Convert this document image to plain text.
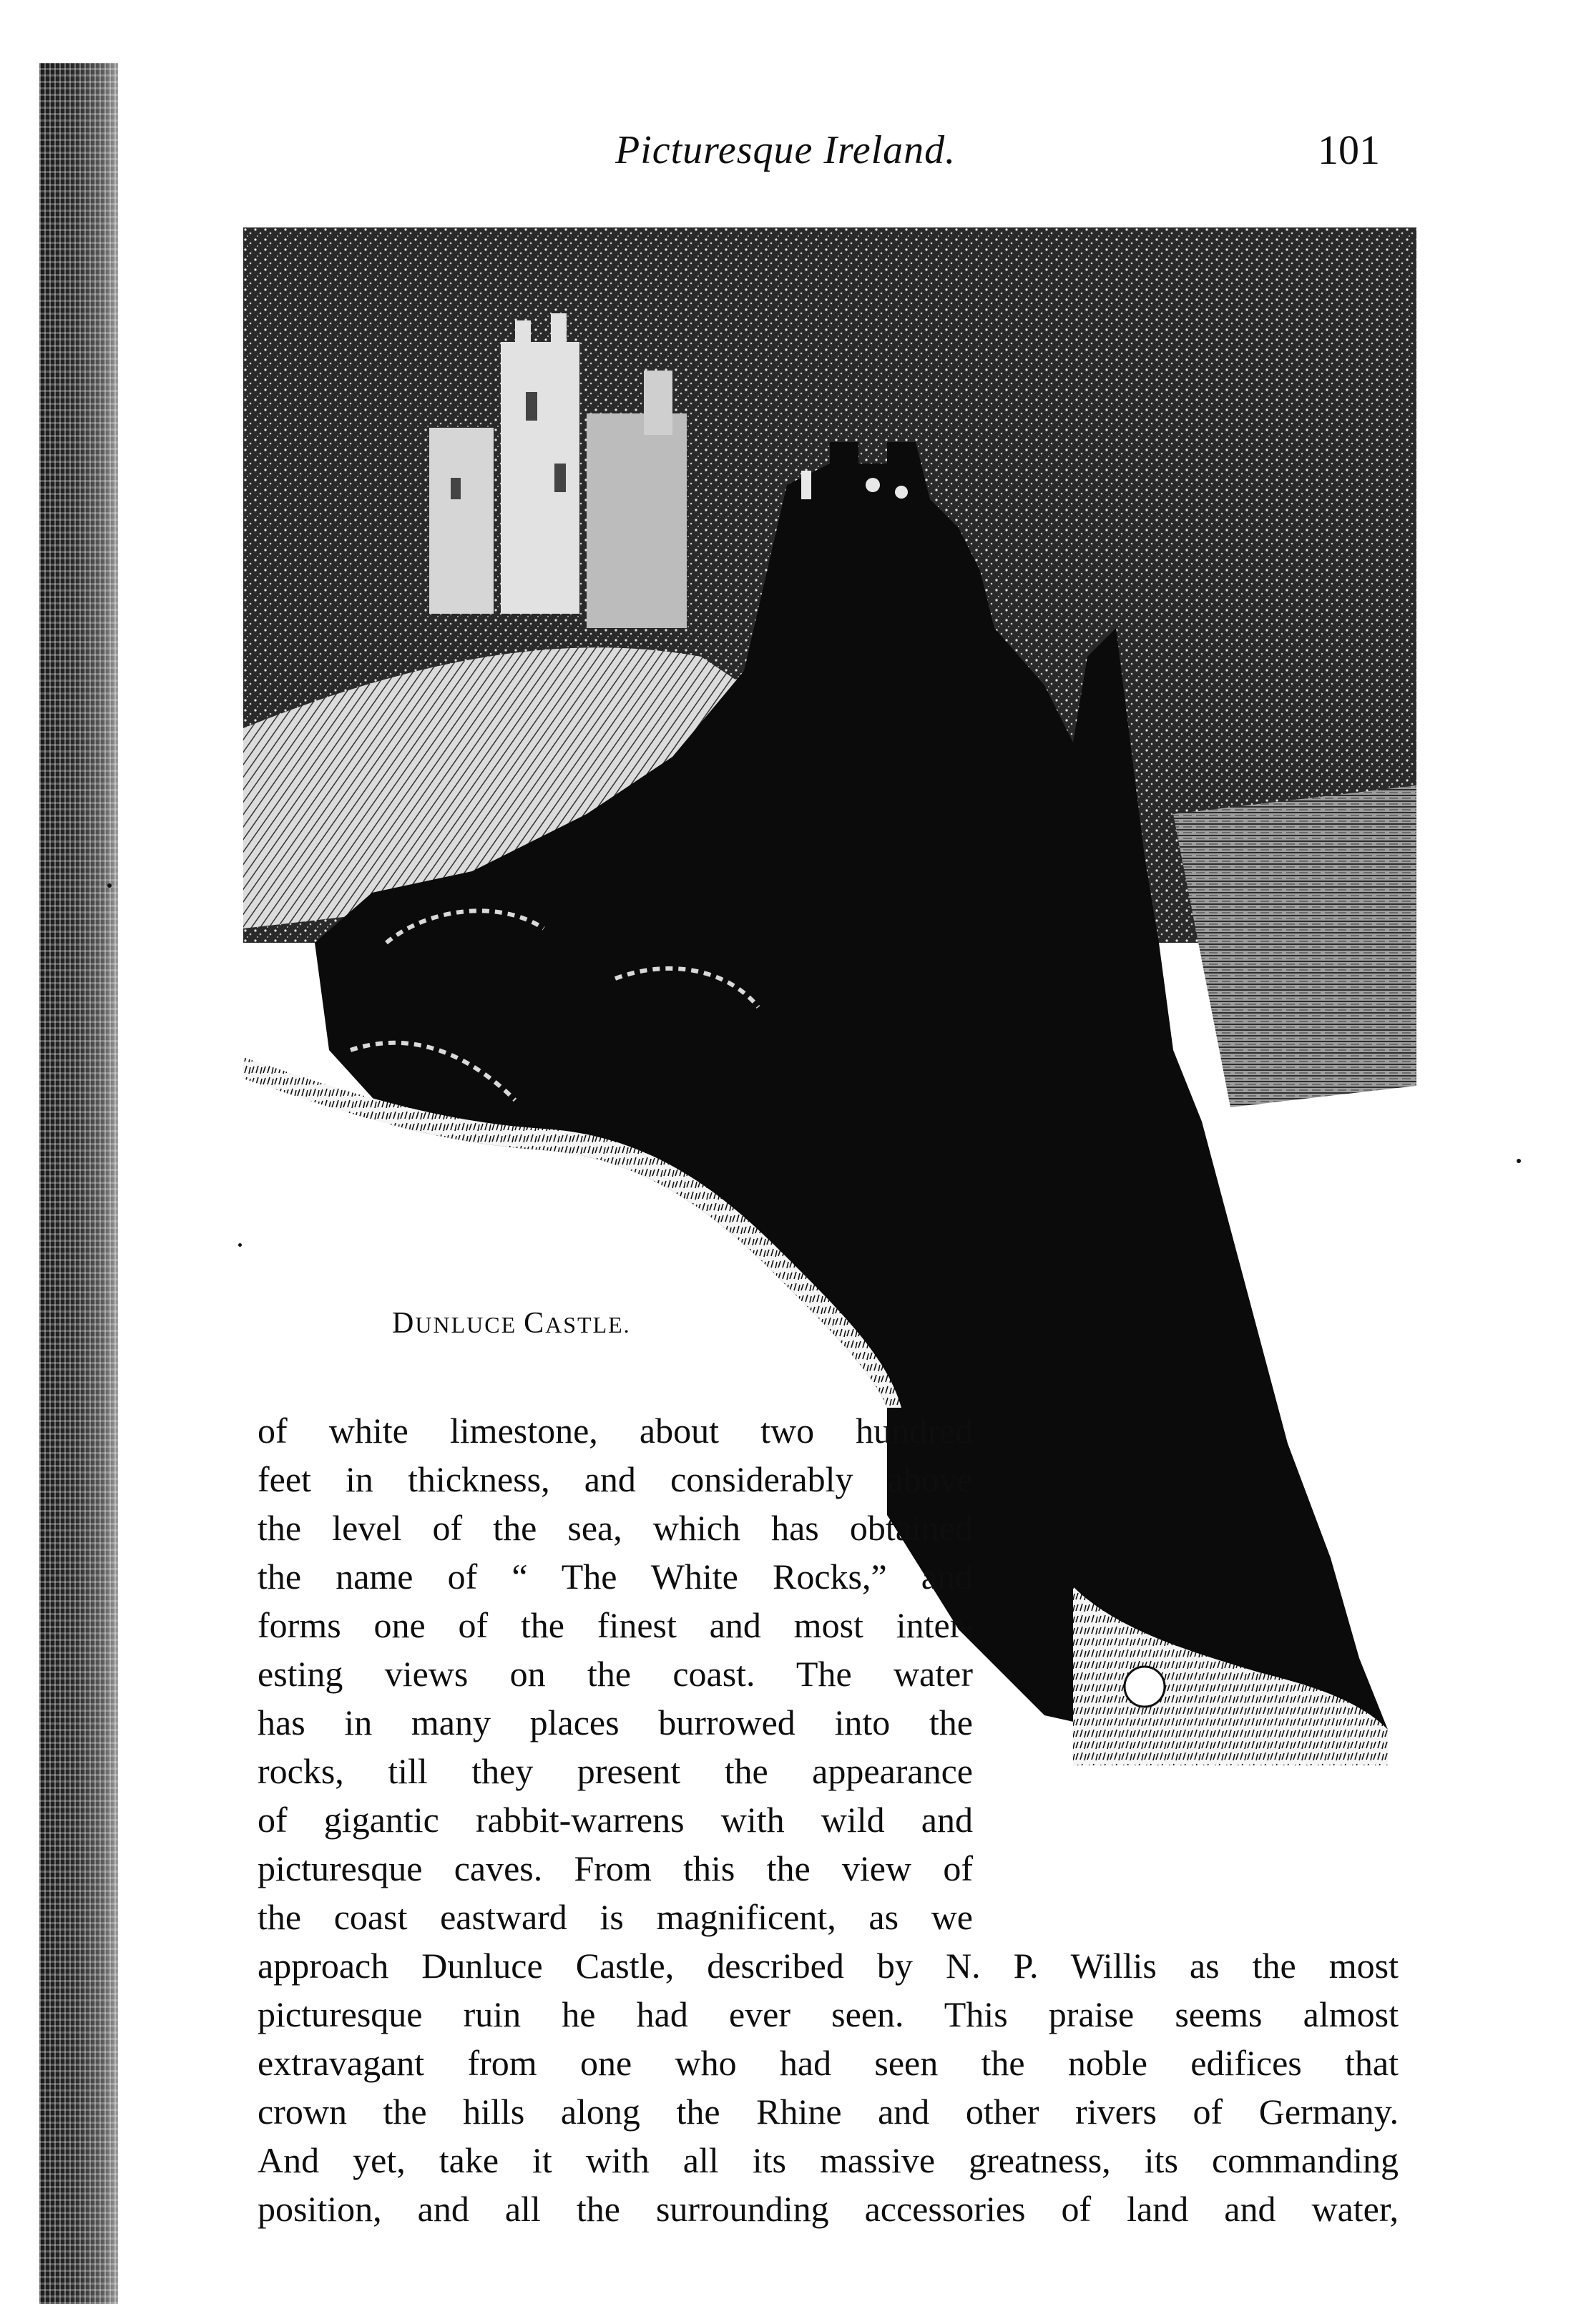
Picturesque Ireland.	101
DUNLUCE CASTLE.
of white limestone, about two hundred
feet in thickness, and considerably above
the level of the sea, which has obtained
the name of “ The White Rocks,” and
forms one of the finest and most inter-
esting views on the coast. The water
has in many places burrowed into the
rocks, till they present the appearance
of gigantic rabbit-warrens with wild and
picturesque caves. From this the view of
the coast eastward is magnificent, as we
approach Dunluce Castle, described by N. P. Willis as the most
picturesque ruin he had ever seen. This praise seems almost
extravagant from one who had seen the noble edifices that
crown the hills along the Rhine and other rivers of Germany.
And yet, take it with all its massive greatness, its commanding
position, and all the surrounding accessories of land and water,
